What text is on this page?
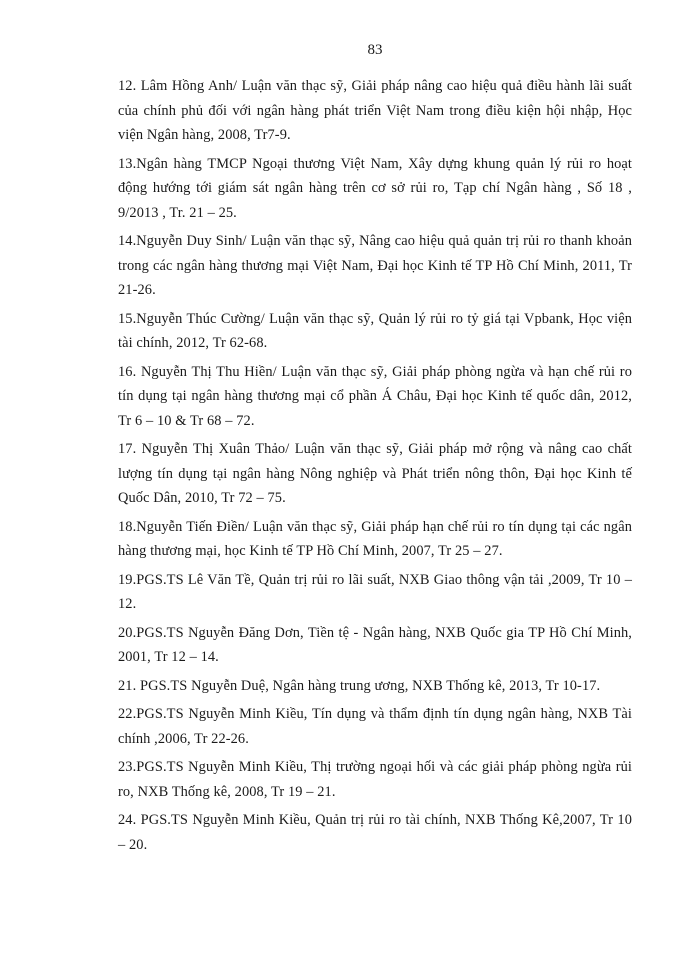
83

12. Lâm Hồng Anh/ Luận văn thạc sỹ, Giải pháp nâng cao hiệu quả điều hành lãi suất của chính phủ đối với ngân hàng phát triển Việt Nam trong điều kiện hội nhập, Học viện Ngân hàng, 2008, Tr7-9.

13.Ngân hàng TMCP Ngoại thương Việt Nam, Xây dựng khung quản lý rủi ro hoạt động hướng tới giám sát ngân hàng trên cơ sở rủi ro, Tạp chí Ngân hàng , Số 18 , 9/2013 , Tr. 21 – 25.

14.Nguyễn Duy Sinh/ Luận văn thạc sỹ, Nâng cao hiệu quả quản trị rủi ro thanh khoản trong các ngân hàng thương mại Việt Nam, Đại học Kinh tế TP Hồ Chí Minh, 2011, Tr 21-26.

15.Nguyễn Thúc Cường/ Luận văn thạc sỹ, Quản lý rủi ro tỷ giá tại Vpbank, Học viện tài chính, 2012, Tr 62-68.

16. Nguyễn Thị Thu Hiền/ Luận văn thạc sỹ, Giải pháp phòng ngừa và hạn chế rủi ro tín dụng tại ngân hàng thương mại cổ phần Á Châu, Đại học Kinh tế quốc dân, 2012, Tr 6 – 10 & Tr 68 – 72.

17. Nguyễn Thị Xuân Thảo/ Luận văn thạc sỹ, Giải pháp mở rộng và nâng cao chất lượng tín dụng tại ngân hàng Nông nghiệp và Phát triển nông thôn, Đại học Kinh tế Quốc Dân, 2010, Tr 72 – 75.

18.Nguyễn Tiến Điền/ Luận văn thạc sỹ, Giải pháp hạn chế rủi ro tín dụng tại các ngân hàng thương mại, học Kinh tế TP Hồ Chí Minh, 2007, Tr 25 – 27.

19.PGS.TS Lê Văn Tề, Quản trị rủi ro lãi suất, NXB Giao thông vận tải ,2009, Tr 10 – 12.

20.PGS.TS Nguyễn Đăng Dơn, Tiền tệ - Ngân hàng, NXB Quốc gia TP Hồ Chí Minh, 2001, Tr 12 – 14.

21. PGS.TS Nguyễn Duệ, Ngân hàng trung ương, NXB Thống kê, 2013, Tr 10-17.

22.PGS.TS Nguyễn Minh Kiều, Tín dụng và thẩm định tín dụng ngân hàng, NXB Tài chính ,2006, Tr 22-26.

23.PGS.TS Nguyễn Minh Kiều, Thị trường ngoại hối và các giải pháp phòng ngừa rủi ro, NXB Thống kê, 2008, Tr 19 – 21.

24. PGS.TS Nguyễn Minh Kiều, Quản trị rủi ro tài chính, NXB Thống Kê,2007, Tr 10 – 20.
